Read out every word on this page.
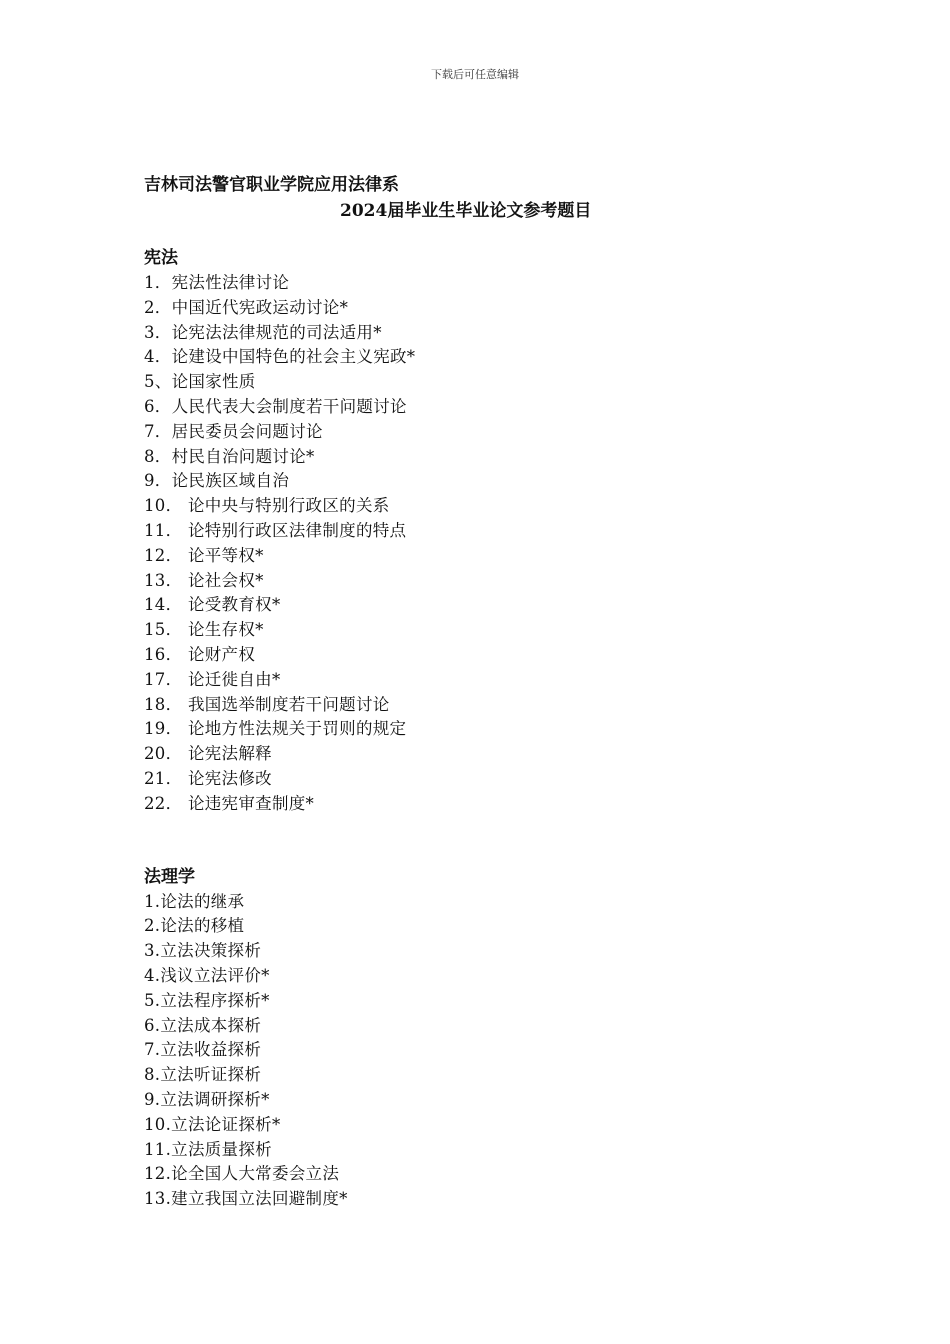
下载后可任意编辑
吉林司法警官职业学院应用法律系
2024届毕业生毕业论文参考题目
宪法
1．宪法性法律讨论
2．中国近代宪政运动讨论*
3．论宪法法律规范的司法适用*
4．论建设中国特色的社会主义宪政*
5、论国家性质
6．人民代表大会制度若干问题讨论
7．居民委员会问题讨论
8．村民自治问题讨论*
9．论民族区域自治
10． 论中央与特别行政区的关系
11． 论特别行政区法律制度的特点
12． 论平等权*
13． 论社会权*
14． 论受教育权*
15． 论生存权*
16． 论财产权
17． 论迁徙自由*
18． 我国选举制度若干问题讨论
19． 论地方性法规关于罚则的规定
20． 论宪法解释
21． 论宪法修改
22． 论违宪审查制度*
法理学
1.论法的继承
2.论法的移植
3.立法决策探析
4.浅议立法评价*
5.立法程序探析*
6.立法成本探析
7.立法收益探析
8.立法听证探析
9.立法调研探析*
10.立法论证探析*
11.立法质量探析
12.论全国人大常委会立法
13.建立我国立法回避制度*
